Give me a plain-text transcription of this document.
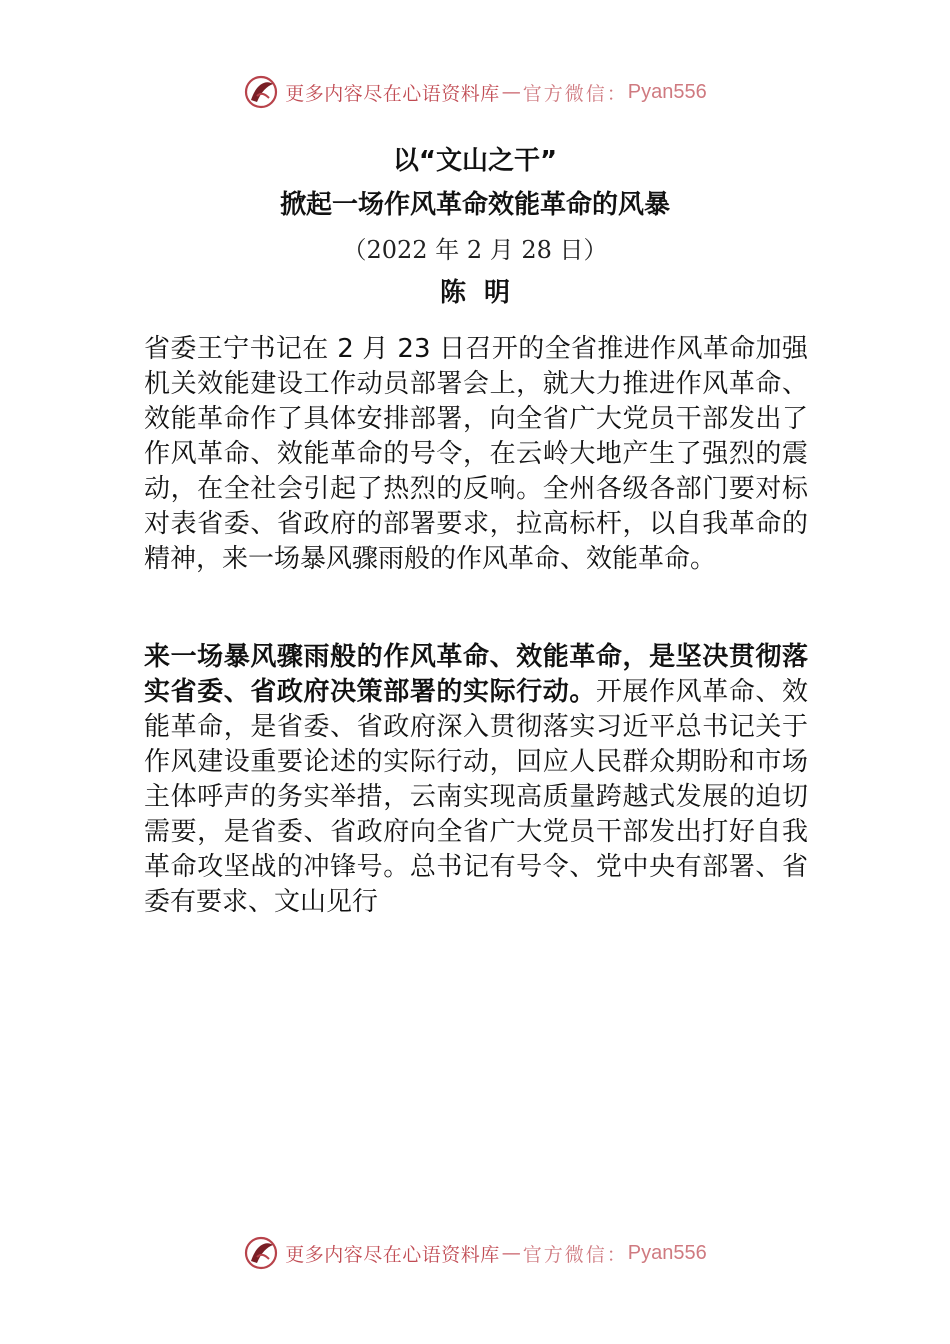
更多内容尽在心语资料库 — 官方微信： Pyan556
以“文山之干”
掀起一场作风革命效能革命的风暴
（2022 年 2 月 28 日）
陈明
省委王宁书记在 2 月 23 日召开的全省推进作风革命加强机关效能建设工作动员部署会上，就大力推进作风革命、效能革命作了具体安排部署，向全省广大党员干部发出了作风革命、效能革命的号令，在云岭大地产生了强烈的震动，在全社会引起了热烈的反响。全州各级各部门要对标对表省委、省政府的部署要求，拉高标杆，以自我革命的精神，来一场暴风骤雨般的作风革命、效能革命。
来一场暴风骤雨般的作风革命、效能革命，是坚决贯彻落实省委、省政府决策部署的实际行动。开展作风革命、效能革命，是省委、省政府深入贯彻落实习近平总书记关于作风建设重要论述的实际行动，回应人民群众期盼和市场主体呼声的务实举措，云南实现高质量跨越式发展的迫切需要，是省委、省政府向全省广大党员干部发出打好自我革命攻坚战的冲锋号。总书记有号令、党中央有部署、省委有要求、文山见行
更多内容尽在心语资料库 — 官方微信： Pyan556
